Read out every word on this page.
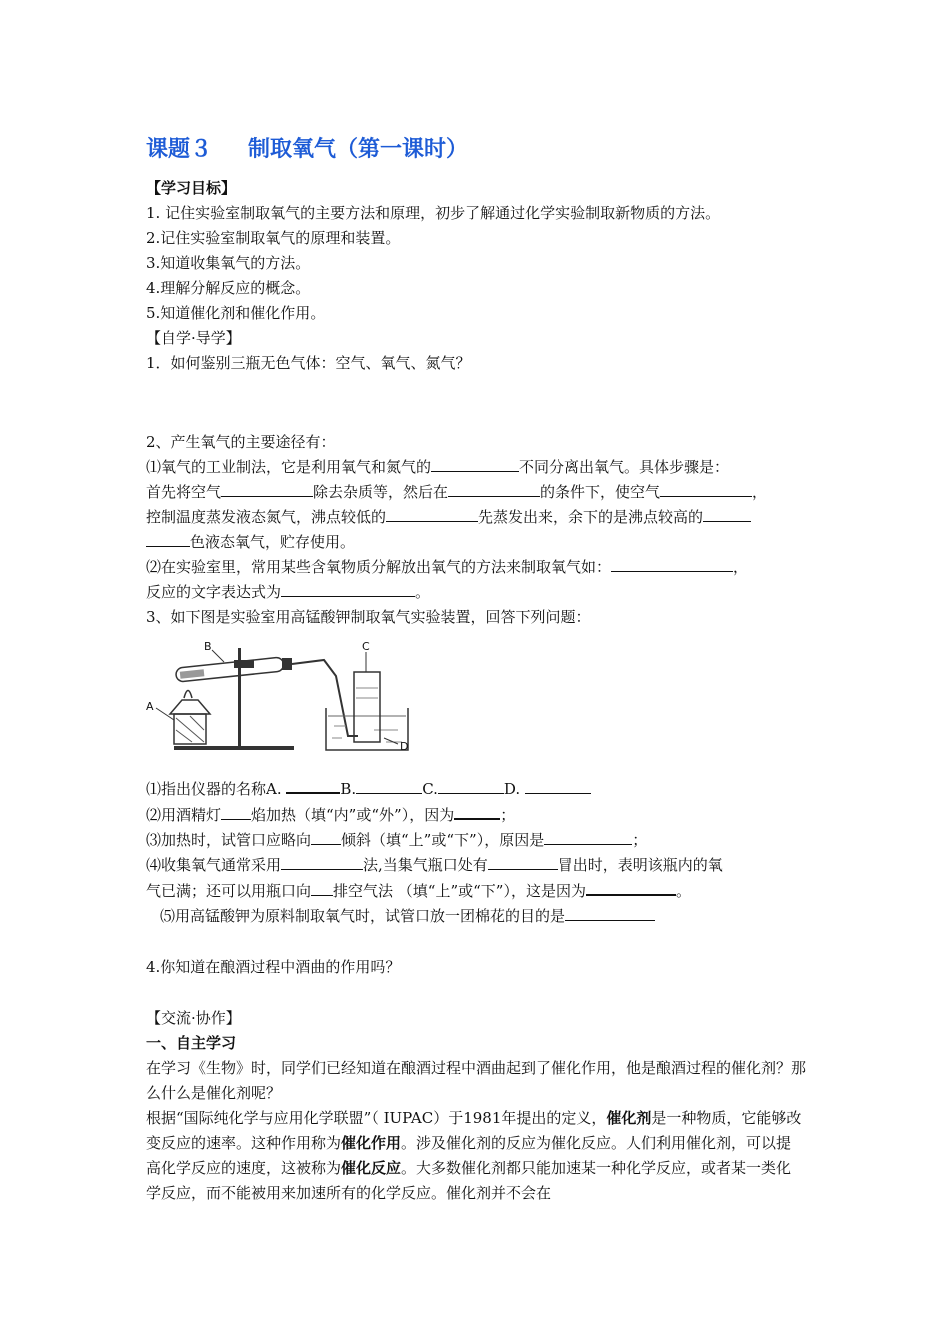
课题３ 制取氧气（第一课时）
【学习目标】
1. 记住实验室制取氧气的主要方法和原理，初步了解通过化学实验制取新物质的方法。
2.记住实验室制取氧气的原理和装置。
3.知道收集氧气的方法。
4.理解分解反应的概念。
5.知道催化剂和催化作用。
【自学·导学】
1．如何鉴别三瓶无色气体：空气、氧气、氮气？
2、产生氧气的主要途径有：
⑴氧气的工业制法，它是利用氧气和氮气的	不同分离出氧气。具体步骤是：
首先将空气	除去杂质等，然后在	的条件下，使空气	，
控制温度蒸发液态氮气，沸点较低的	先蒸发出来，余下的是沸点较高的
色液态氧气，贮存使用。
⑵在实验室里，常用某些含氧物质分解放出氧气的方法来制取氧气如：	，
反应的文字表达式为	。
3、如下图是实验室用高锰酸钾制取氧气实验装置，回答下列问题：
B
A
C
D
⑴指出仪器的名称A.	B.	C.	D.
⑵用酒精灯 焰加热（填“内”或“外”），因为	；
⑶加热时，试管口应略向 倾斜（填“上”或“下”），原因是	；
⑷收集氧气通常采用	法,当集气瓶口处有	冒出时，表明该瓶内的氧
气已满；还可以用瓶口向 排空气法 （填“上”或“下”），这是因为	。
⑸用高锰酸钾为原料制取氧气时，试管口放一团棉花的目的是
4.你知道在酿酒过程中酒曲的作用吗？
【交流·协作】
一、自主学习
在学习《生物》时，同学们已经知道在酿酒过程中酒曲起到了催化作用，他是酿酒过程的催化剂？那么什么是催化剂呢？
根据“国际纯化学与应用化学联盟”（ IUPAC）于1981年提出的定义，催化剂是一种物质，它能够改变反应的速率。这种作用称为催化作用。涉及催化剂的反应为催化反应。人们利用催化剂，可以提高化学反应的速度，这被称为催化反应。大多数催化剂都只能加速某一种化学反应，或者某一类化学反应，而不能被用来加速所有的化学反应。催化剂并不会在
